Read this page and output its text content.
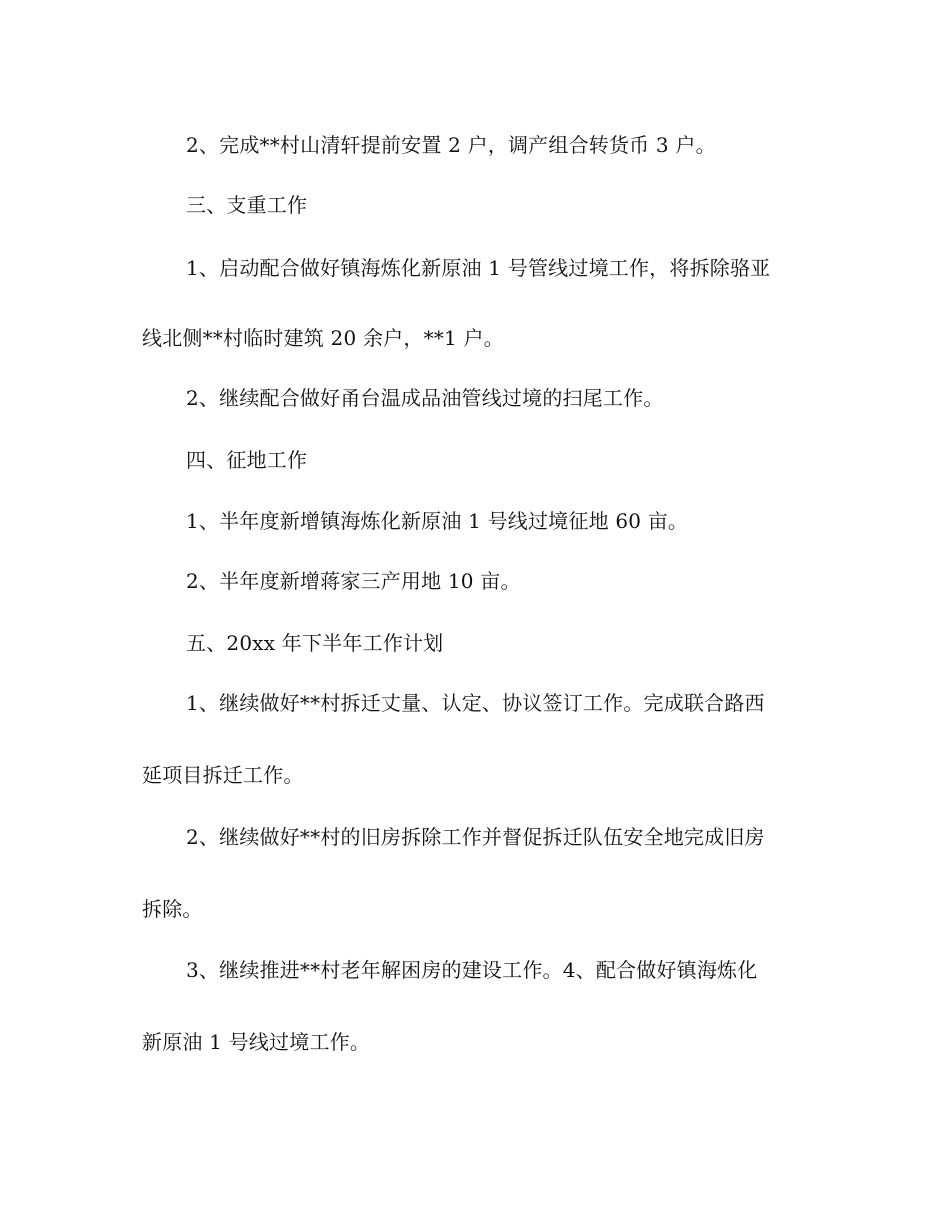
2、完成**村山清轩提前安置 2 户，调产组合转货币 3 户。
三、支重工作
1、启动配合做好镇海炼化新原油 1 号管线过境工作，将拆除骆亚
线北侧**村临时建筑 20 余户，**1 户。
2、继续配合做好甬台温成品油管线过境的扫尾工作。
四、征地工作
1、半年度新增镇海炼化新原油 1 号线过境征地 60 亩。
2、半年度新增蒋家三产用地 10 亩。
五、20xx 年下半年工作计划
1、继续做好**村拆迁丈量、认定、协议签订工作。完成联合路西
延项目拆迁工作。
2、继续做好**村的旧房拆除工作并督促拆迁队伍安全地完成旧房
拆除。
3、继续推进**村老年解困房的建设工作。4、配合做好镇海炼化
新原油 1 号线过境工作。
